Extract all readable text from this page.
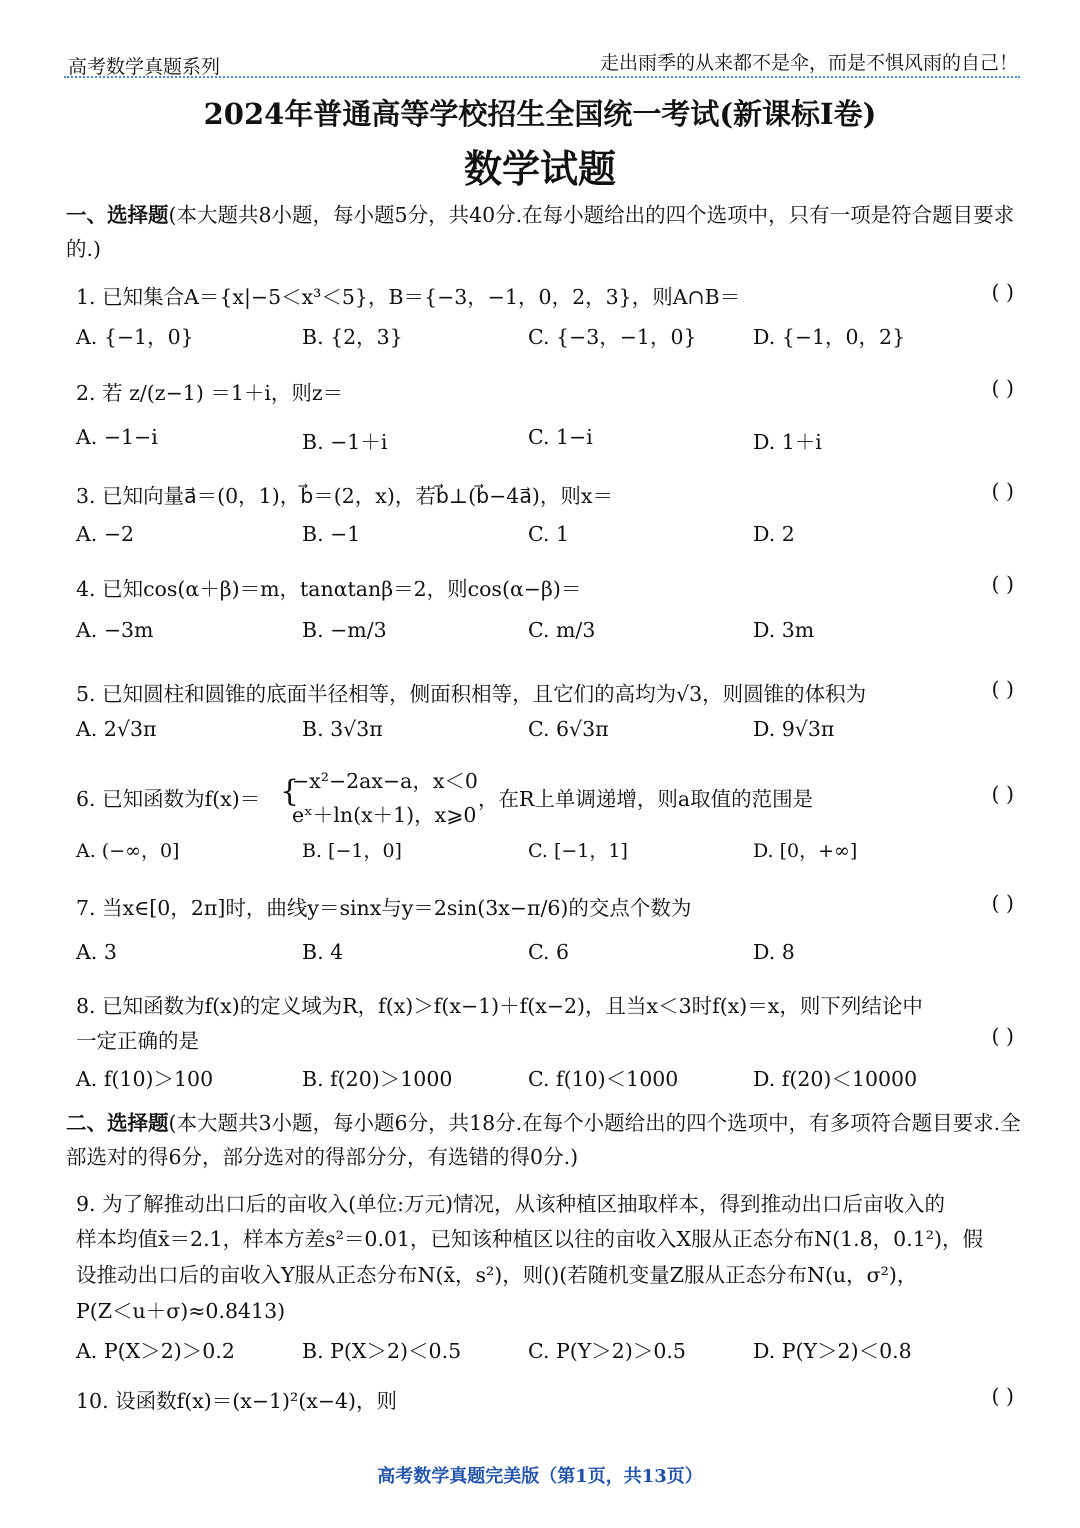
高考数学真题系列	走出雨季的从来都不是伞，而是不惧风雨的自己！
2024年普通高等学校招生全国统一考试(新课标Ⅰ卷)
数学试题
一、选择题(本大题共8小题，每小题5分，共40分.在每小题给出的四个选项中，只有一项是符合题目要求的.)
1. 已知集合A＝{x|−5＜x³＜5}，B＝{−3，−1，0，2，3}，则A∩B＝	( )
A. {−1，0}	B. {2，3}	C. {−3，−1，0}	D. {−1，0，2}
2. 若 z/(z−1) ＝1＋i，则z＝	( )
A. −1−i	B. −1＋i	C. 1−i	D. 1＋i
3. 已知向量a⃗＝(0，1)，b⃗＝(2，x)，若b⃗⊥(b⃗−4a⃗)，则x＝	( )
A. −2	B. −1	C. 1	D. 2
4. 已知cos(α＋β)＝m，tanαtanβ＝2，则cos(α−β)＝	( )
A. −3m	B. −m/3	C. m/3	D. 3m
5. 已知圆柱和圆锥的底面半径相等，侧面积相等，且它们的高均为√3，则圆锥的体积为	( )
A. 2√3π	B. 3√3π	C. 6√3π	D. 9√3π
6. 已知函数为f(x)＝ {
−x²−2ax−a，x＜0
eˣ＋ln(x＋1)，x⩾0
，在R上单调递增，则a取值的范围是	( )
A. (−∞，0]	B. [−1，0]	C. [−1，1]	D. [0，+∞]
7. 当x∈[0，2π]时，曲线y＝sinx与y＝2sin(3x−π/6)的交点个数为	( )
A. 3	B. 4	C. 6	D. 8
8. 已知函数为f(x)的定义域为R，f(x)＞f(x−1)＋f(x−2)，且当x＜3时f(x)＝x，则下列结论中
一定正确的是	( )
A. f(10)＞100	B. f(20)＞1000	C. f(10)＜1000	D. f(20)＜10000
二、选择题(本大题共3小题，每小题6分，共18分.在每个小题给出的四个选项中，有多项符合题目要求.全部选对的得6分，部分选对的得部分分，有选错的得0分.)
9. 为了解推动出口后的亩收入(单位:万元)情况，从该种植区抽取样本，得到推动出口后亩收入的
样本均值x̄＝2.1，样本方差s²＝0.01，已知该种植区以往的亩收入X服从正态分布N(1.8，0.1²)，假
设推动出口后的亩收入Y服从正态分布N(x̄，s²)，则()(若随机变量Z服从正态分布N(u，σ²)，
P(Z＜u＋σ)≈0.8413)
A. P(X＞2)＞0.2	B. P(X＞2)＜0.5	C. P(Y＞2)＞0.5	D. P(Y＞2)＜0.8
10. 设函数f(x)＝(x−1)²(x−4)，则	( )
高考数学真题完美版（第1页，共13页）
